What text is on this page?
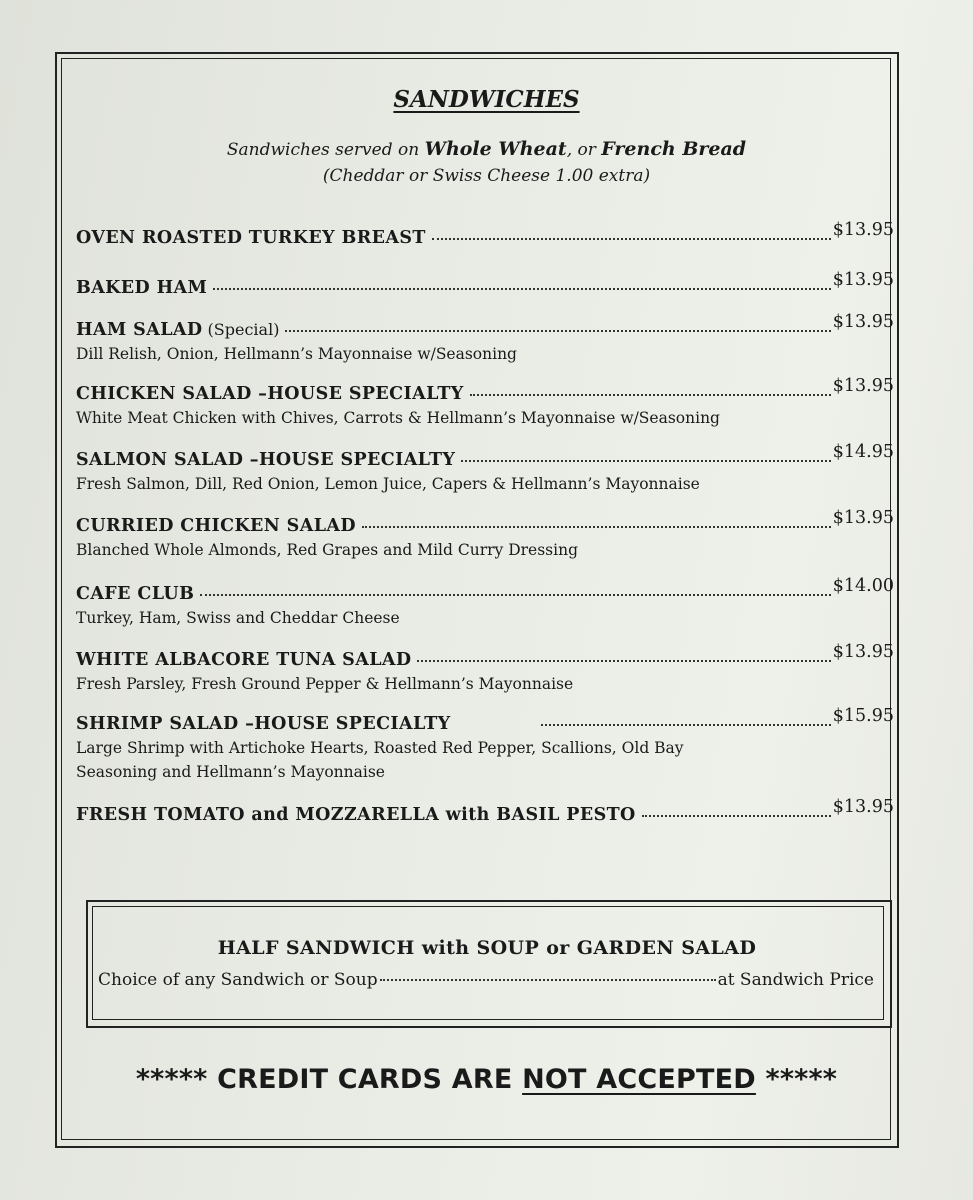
SANDWICHES
Sandwiches served on Whole Wheat, or French Bread
(Cheddar or Swiss Cheese 1.00 extra)
OVEN ROASTED TURKEY BREAST	$13.95
BAKED HAM	$13.95
HAM SALAD (Special)	$13.95
Dill Relish, Onion, Hellmann’s Mayonnaise w/Seasoning
CHICKEN SALAD –HOUSE SPECIALTY	$13.95
White Meat Chicken with Chives, Carrots & Hellmann’s Mayonnaise w/Seasoning
SALMON SALAD –HOUSE SPECIALTY	$14.95
Fresh Salmon, Dill, Red Onion, Lemon Juice, Capers & Hellmann’s Mayonnaise
CURRIED CHICKEN SALAD	$13.95
Blanched Whole Almonds, Red Grapes and Mild Curry Dressing
CAFE CLUB	$14.00
Turkey, Ham, Swiss and Cheddar Cheese
WHITE ALBACORE TUNA SALAD	$13.95
Fresh Parsley, Fresh Ground Pepper & Hellmann’s Mayonnaise
SHRIMP SALAD –HOUSE SPECIALTY	$15.95
Large Shrimp with Artichoke Hearts, Roasted Red Pepper, Scallions, Old Bay
Seasoning and Hellmann’s Mayonnaise
FRESH TOMATO and MOZZARELLA with BASIL PESTO	$13.95
HALF SANDWICH with SOUP or GARDEN SALAD
Choice of any Sandwich or Soup	at Sandwich Price
***** CREDIT CARDS ARE NOT ACCEPTED *****
